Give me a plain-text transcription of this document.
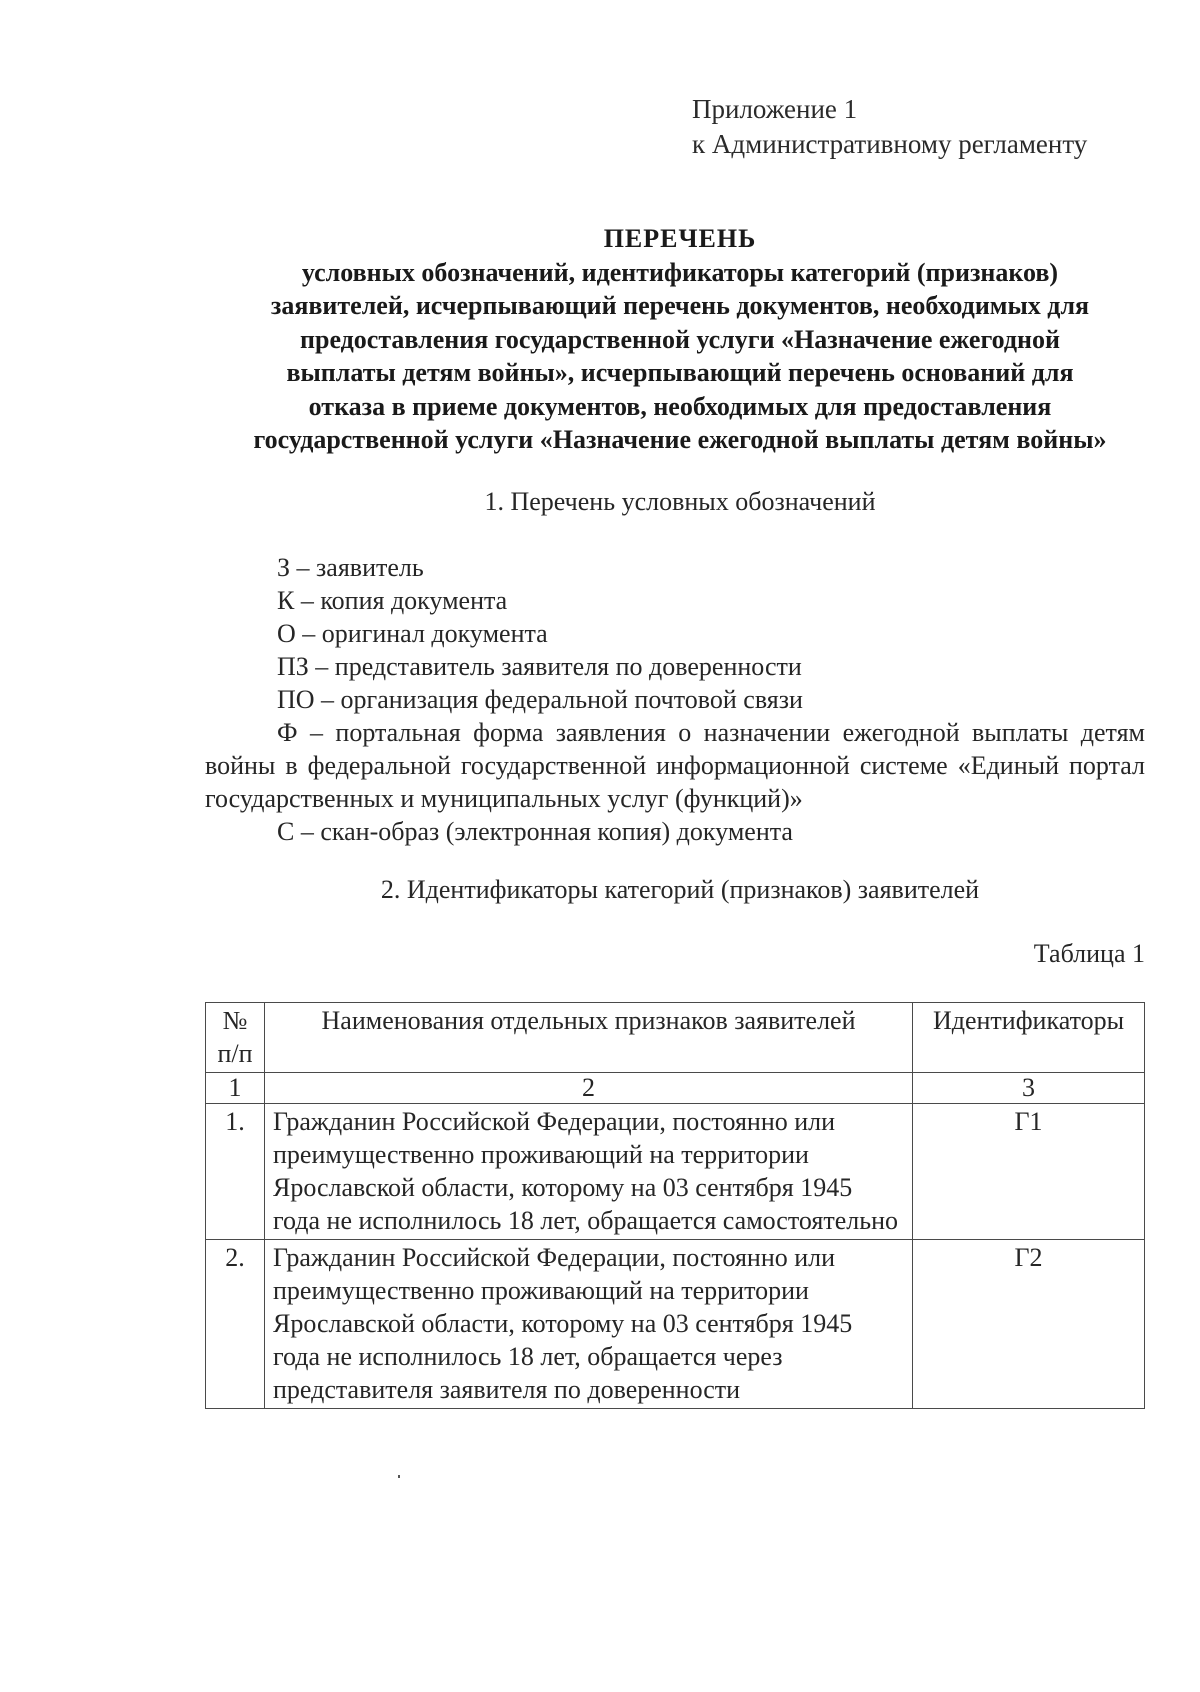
Приложение 1
к Административному регламенту
ПЕРЕЧЕНЬ
условных обозначений, идентификаторы категорий (признаков)
заявителей, исчерпывающий перечень документов, необходимых для
предоставления государственной услуги «Назначение ежегодной
выплаты детям войны», исчерпывающий перечень оснований для
отказа в приеме документов, необходимых для предоставления
государственной услуги «Назначение ежегодной выплаты детям войны»
1. Перечень условных обозначений
З – заявитель
К – копия документа
О – оригинал документа
ПЗ – представитель заявителя по доверенности
ПО – организация федеральной почтовой связи
Ф – портальная форма заявления о назначении ежегодной выплаты детям войны в федеральной государственной информационной системе «Единый портал государственных и муниципальных услуг (функций)»
С – скан-образ (электронная копия) документа
2. Идентификаторы категорий (признаков) заявителей
Таблица 1
№
п/п	Наименования отдельных признаков заявителей	Идентификаторы
1	2	3
1.	Гражданин Российской Федерации, постоянно или преимущественно проживающий на территории Ярославской области, которому на 03 сентября 1945 года не исполнилось 18 лет, обращается самостоятельно	Г1
2.	Гражданин Российской Федерации, постоянно или преимущественно проживающий на территории Ярославской области, которому на 03 сентября 1945 года не исполнилось 18 лет, обращается через представителя заявителя по доверенности	Г2
